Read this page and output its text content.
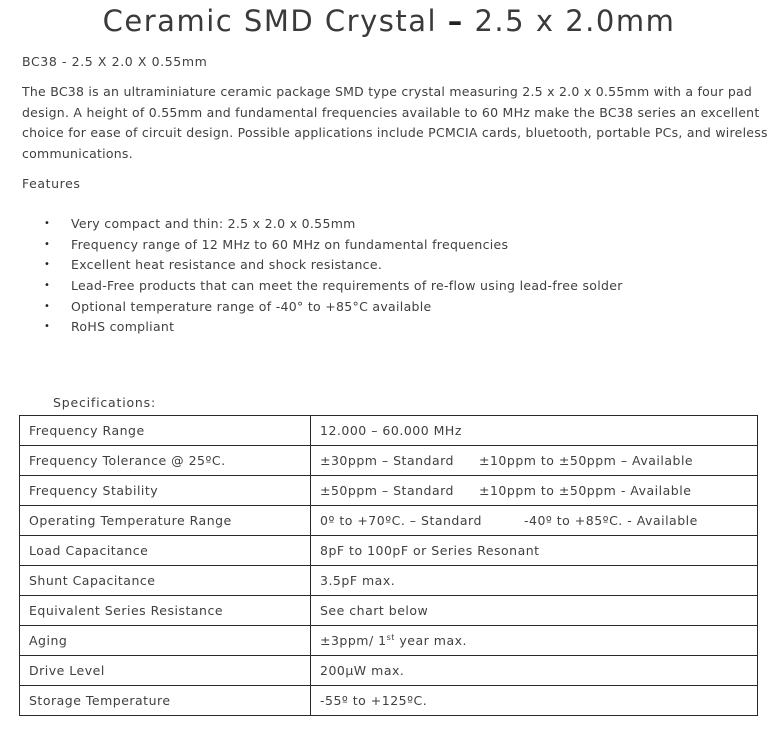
Ceramic SMD Crystal – 2.5 x 2.0mm

BC38 - 2.5 X 2.0 X 0.55mm

The BC38 is an ultraminiature ceramic package SMD type crystal measuring 2.5 x 2.0 x 0.55mm with a four pad design. A height of 0.55mm and fundamental frequencies available to 60 MHz make the BC38 series an excellent choice for ease of circuit design. Possible applications include PCMCIA cards, bluetooth, portable PCs, and wireless communications.

Features

• Very compact and thin: 2.5 x 2.0 x 0.55mm
• Frequency range of 12 MHz to 60 MHz on fundamental frequencies
• Excellent heat resistance and shock resistance.
• Lead-Free products that can meet the requirements of re-flow using lead-free solder
• Optional temperature range of -40° to +85°C available
• RoHS compliant

Specifications:

Frequency Range	12.000 – 60.000 MHz
Frequency Tolerance @ 25ºC.	±30ppm – Standard ±10ppm to ±50ppm – Available
Frequency Stability	±50ppm – Standard ±10ppm to ±50ppm - Available
Operating Temperature Range	0º to +70ºC. – Standard -40º to +85ºC. - Available
Load Capacitance	8pF to 100pF or Series Resonant
Shunt Capacitance	3.5pF max.
Equivalent Series Resistance	See chart below
Aging	±3ppm/ 1st year max.
Drive Level	200µW max.
Storage Temperature	-55º to +125ºC.
